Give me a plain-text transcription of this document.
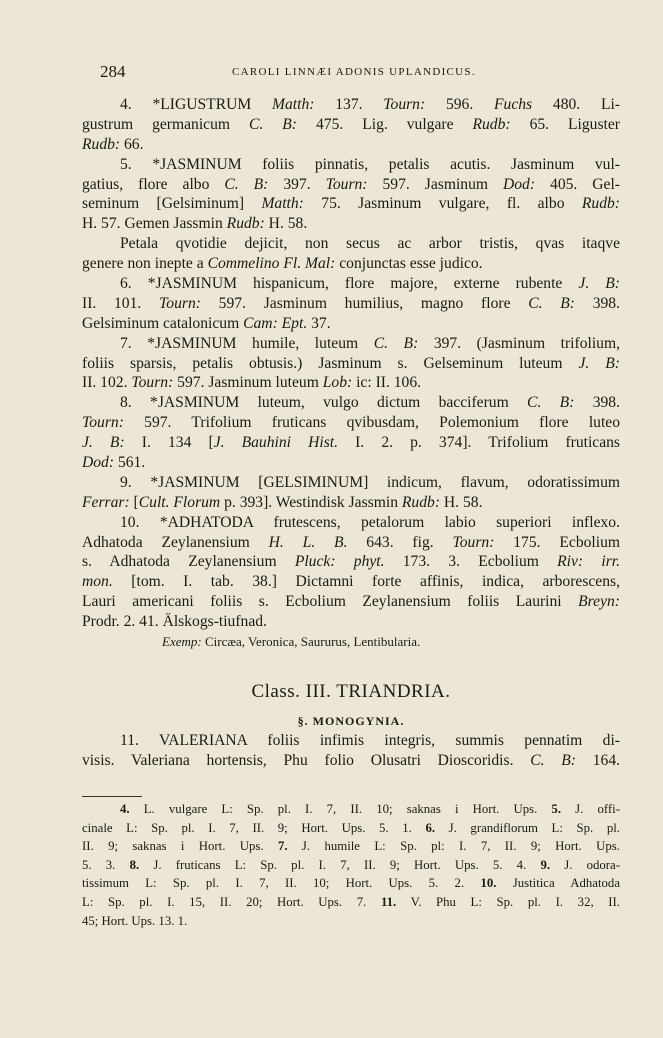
284	CAROLI LINNÆI ADONIS UPLANDICUS.
4. *LIGUSTRUM Matth: 137. Tourn: 596. Fuchs 480. Li-
gustrum germanicum C. B: 475. Lig. vulgare Rudb: 65. Liguster
Rudb: 66.
5. *JASMINUM foliis pinnatis, petalis acutis. Jasminum vul-
gatius, flore albo C. B: 397. Tourn: 597. Jasminum Dod: 405. Gel-
seminum [Gelsiminum] Matth: 75. Jasminum vulgare, fl. albo Rudb:
H. 57. Gemen Jassmin Rudb: H. 58.
Petala qvotidie dejicit, non secus ac arbor tristis, qvas itaqve
genere non inepte a Commelino Fl. Mal: conjunctas esse judico.
6. *JASMINUM hispanicum, flore majore, externe rubente J. B:
II. 101. Tourn: 597. Jasminum humilius, magno flore C. B: 398.
Gelsiminum catalonicum Cam: Ept. 37.
7. *JASMINUM humile, luteum C. B: 397. (Jasminum trifolium,
foliis sparsis, petalis obtusis.) Jasminum s. Gelseminum luteum J. B:
II. 102. Tourn: 597. Jasminum luteum Lob: ic: II. 106.
8. *JASMINUM luteum, vulgo dictum bacciferum C. B: 398.
Tourn: 597. Trifolium fruticans qvibusdam, Polemonium flore luteo
J. B: I. 134 [J. Bauhini Hist. I. 2. p. 374]. Trifolium fruticans
Dod: 561.
9. *JASMINUM [GELSIMINUM] indicum, flavum, odoratissimum
Ferrar: [Cult. Florum p. 393]. Westindisk Jassmin Rudb: H. 58.
10. *ADHATODA frutescens, petalorum labio superiori inflexo.
Adhatoda Zeylanensium H. L. B. 643. fig. Tourn: 175. Ecbolium
s. Adhatoda Zeylanensium Pluck: phyt. 173. 3. Ecbolium Riv: irr.
mon. [tom. I. tab. 38.] Dictamni forte affinis, indica, arborescens,
Lauri americani foliis s. Ecbolium Zeylanensium foliis Laurini Breyn:
Prodr. 2. 41. Älskogs-tiufnad.
Exemp: Circæa, Veronica, Saururus, Lentibularia.
Class. III. TRIANDRIA.
§. MONOGYNIA.
11. VALERIANA foliis infimis integris, summis pennatim di-
visis. Valeriana hortensis, Phu folio Olusatri Dioscoridis. C. B: 164.
4. L. vulgare L: Sp. pl. I. 7, II. 10; saknas i Hort. Ups. 5. J. offi-
cinale L: Sp. pl. I. 7, II. 9; Hort. Ups. 5. 1. 6. J. grandiflorum L: Sp. pl.
II. 9; saknas i Hort. Ups. 7. J. humile L: Sp. pl: I. 7, II. 9; Hort. Ups.
5. 3. 8. J. fruticans L: Sp. pl. I. 7, II. 9; Hort. Ups. 5. 4. 9. J. odora-
tissimum L: Sp. pl. I. 7, II. 10; Hort. Ups. 5. 2. 10. Justitica Adhatoda
L: Sp. pl. I. 15, II. 20; Hort. Ups. 7. 11. V. Phu L: Sp. pl. I. 32, II.
45; Hort. Ups. 13. 1.
